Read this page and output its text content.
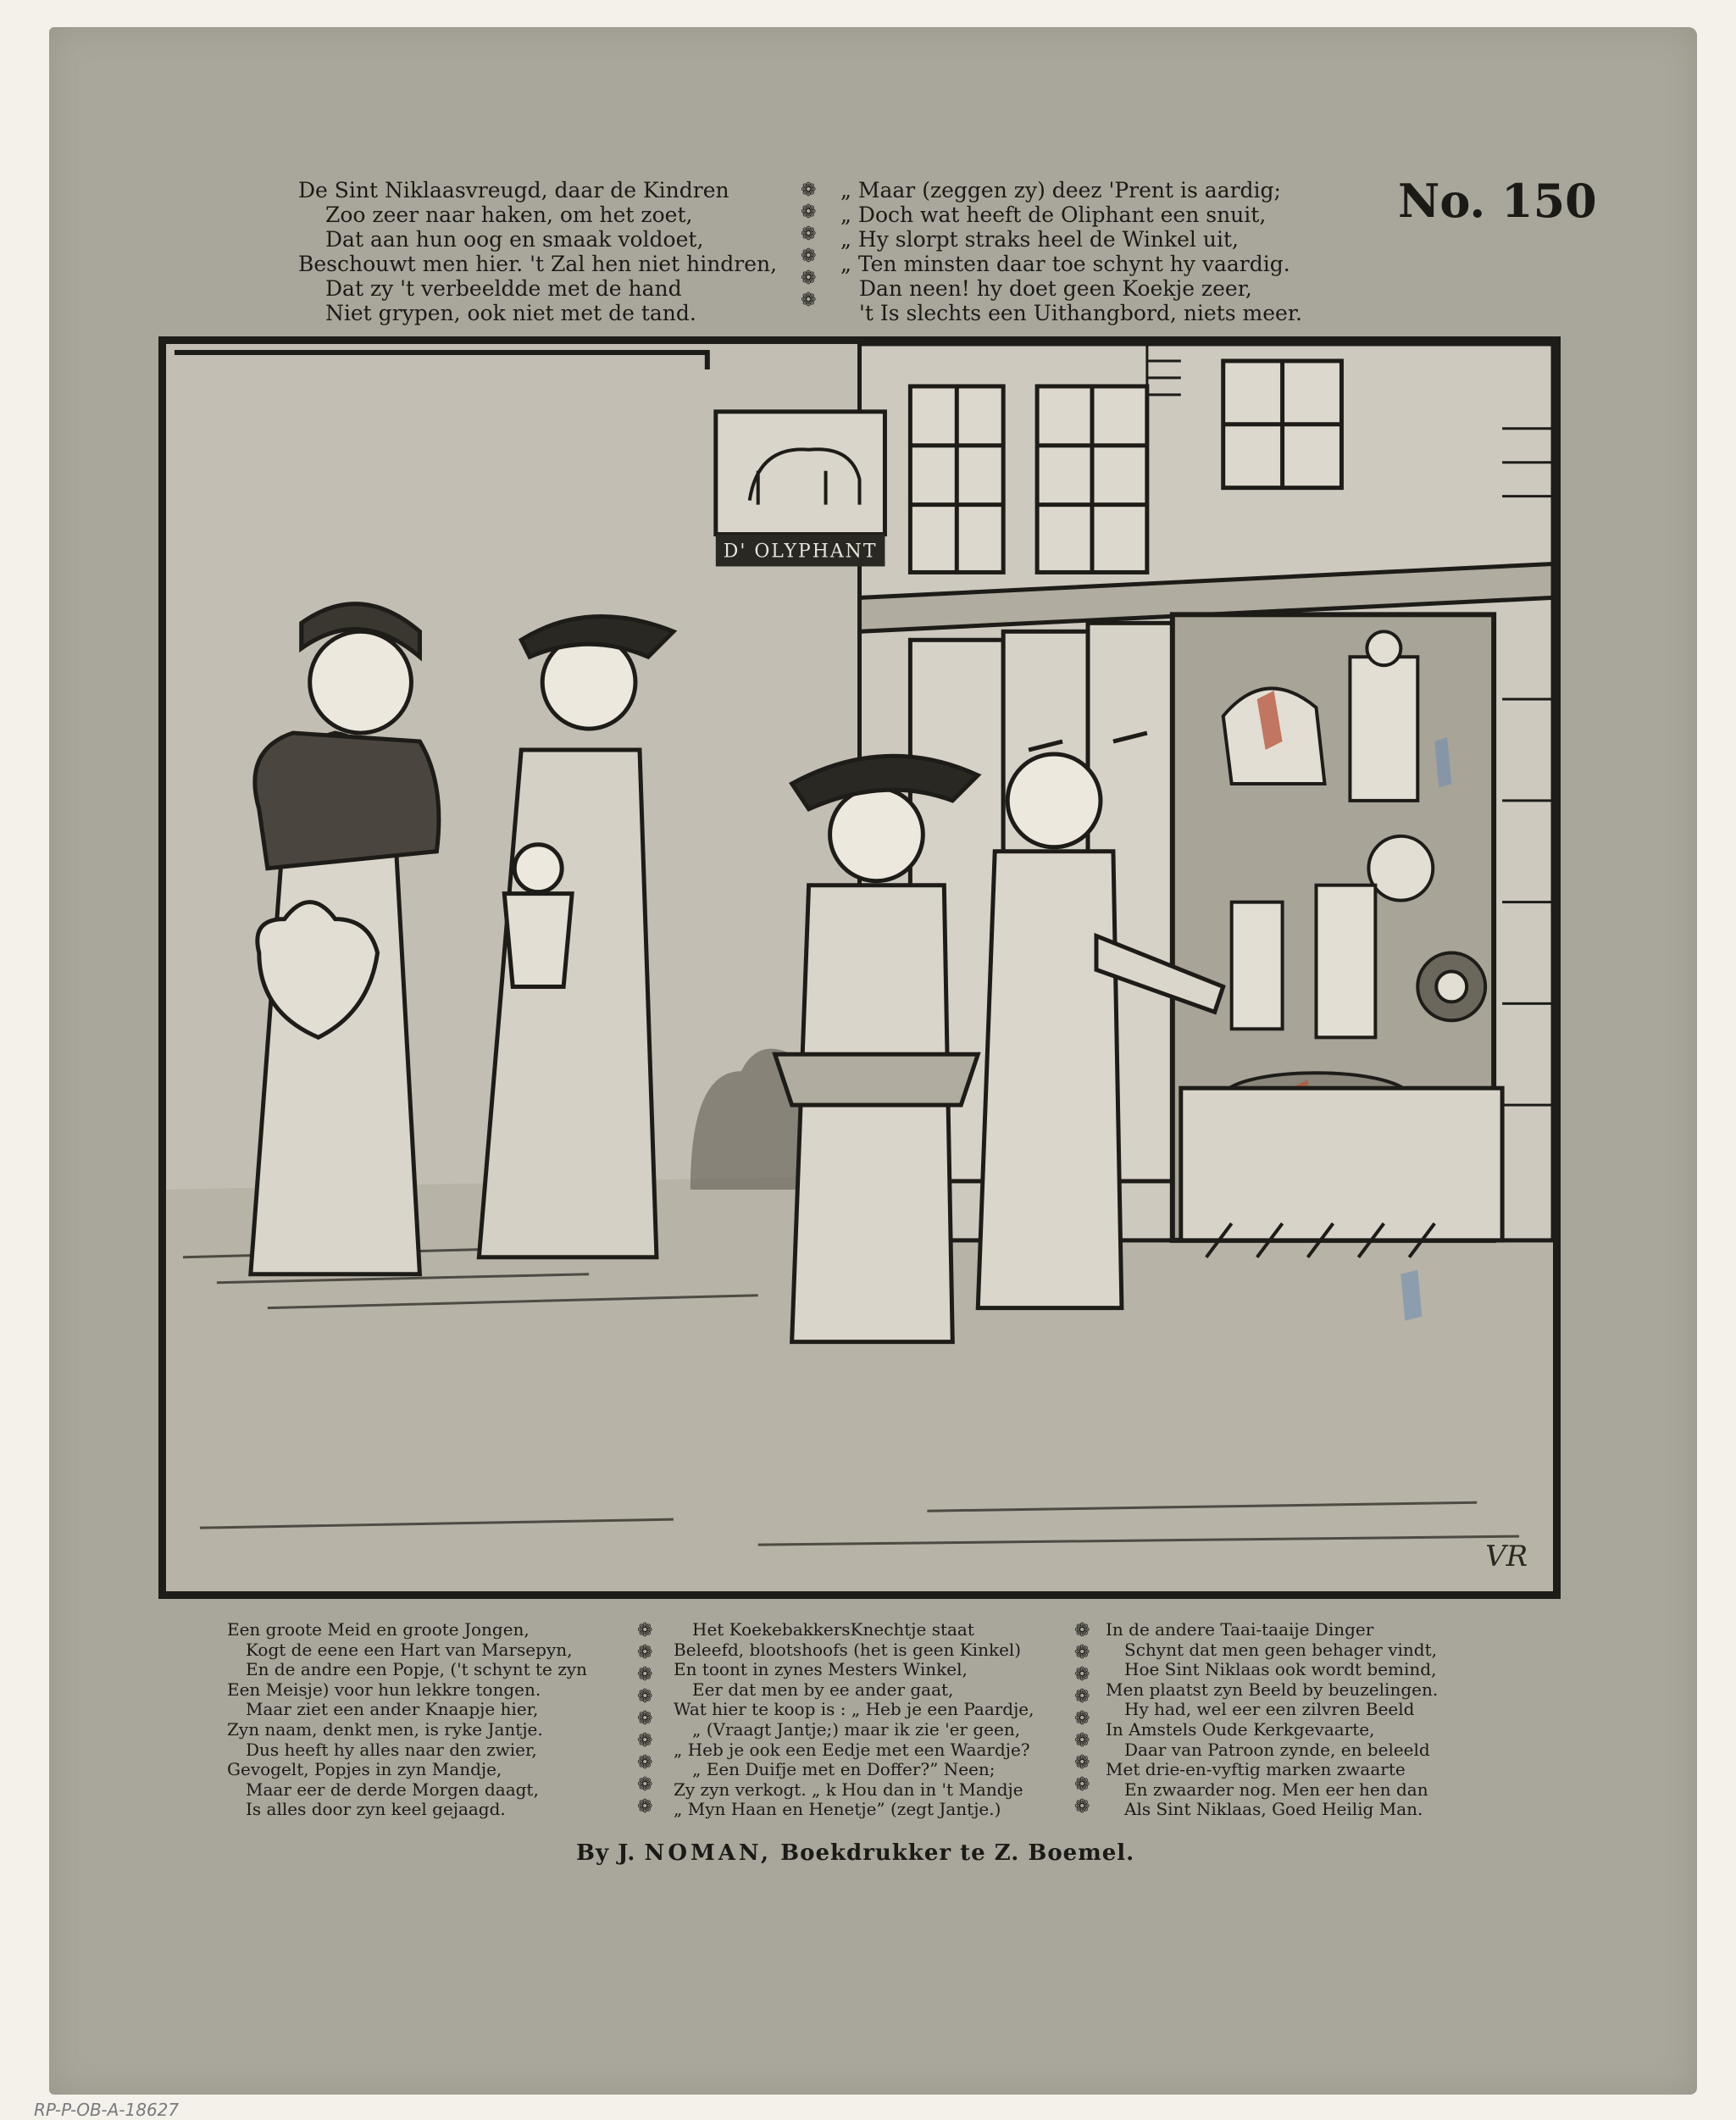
De Sint Niklaasvreugd, daar de Kindren
Zoo zeer naar haken, om het zoet,
Dat aan hun oog en smaak voldoet,
Beschouwt men hier. 't Zal hen niet hindren,
Dat zy 't verbeeldde met de hand
Niet grypen, ook niet met de tand.
❁
❁
❁
❁
❁
❁
„ Maar (zeggen zy) deez 'Prent is aardig;
„ Doch wat heeft de Oliphant een snuit,
„ Hy slorpt straks heel de Winkel uit,
„ Ten minsten daar toe schynt hy vaardig.
Dan neen! hy doet geen Koekje zeer,
't Is slechts een Uithangbord, niets meer.
No. 150
D' OLYPHANT
VR
Een groote Meid en groote Jongen,
Kogt de eene een Hart van Marsepyn,
En de andre een Popje, ('t schynt te zyn
Een Meisje) voor hun lekkre tongen.
Maar ziet een ander Knaapje hier,
Zyn naam, denkt men, is ryke Jantje.
Dus heeft hy alles naar den zwier,
Gevogelt, Popjes in zyn Mandje,
Maar eer de derde Morgen daagt,
Is alles door zyn keel gejaagd.
❁
❁
❁
❁
❁
❁
❁
❁
❁
Het KoekebakkersKnechtje staat
Beleefd, blootshoofs (het is geen Kinkel)
En toont in zynes Mesters Winkel,
Eer dat men by ee ander gaat,
Wat hier te koop is : „ Heb je een Paardje,
„ (Vraagt Jantje;) maar ik zie 'er geen,
„ Heb je ook een Eedje met een Waardje?
„ Een Duifje met en Doffer?” Neen;
Zy zyn verkogt. „ k Hou dan in 't Mandje
„ Myn Haan en Henetje” (zegt Jantje.)
❁
❁
❁
❁
❁
❁
❁
❁
❁
In de andere Taai-taaije Dinger
Schynt dat men geen behager vindt,
Hoe Sint Niklaas ook wordt bemind,
Men plaatst zyn Beeld by beuzelingen.
Hy had, wel eer een zilvren Beeld
In Amstels Oude Kerkgevaarte,
Daar van Patroon zynde, en beleeld
Met drie-en-vyftig marken zwaarte
En zwaarder nog. Men eer hen dan
Als Sint Niklaas, Goed Heilig Man.
By J. NOMAN, Boekdrukker te Z. Boemel.
RP-P-OB-A-18627
